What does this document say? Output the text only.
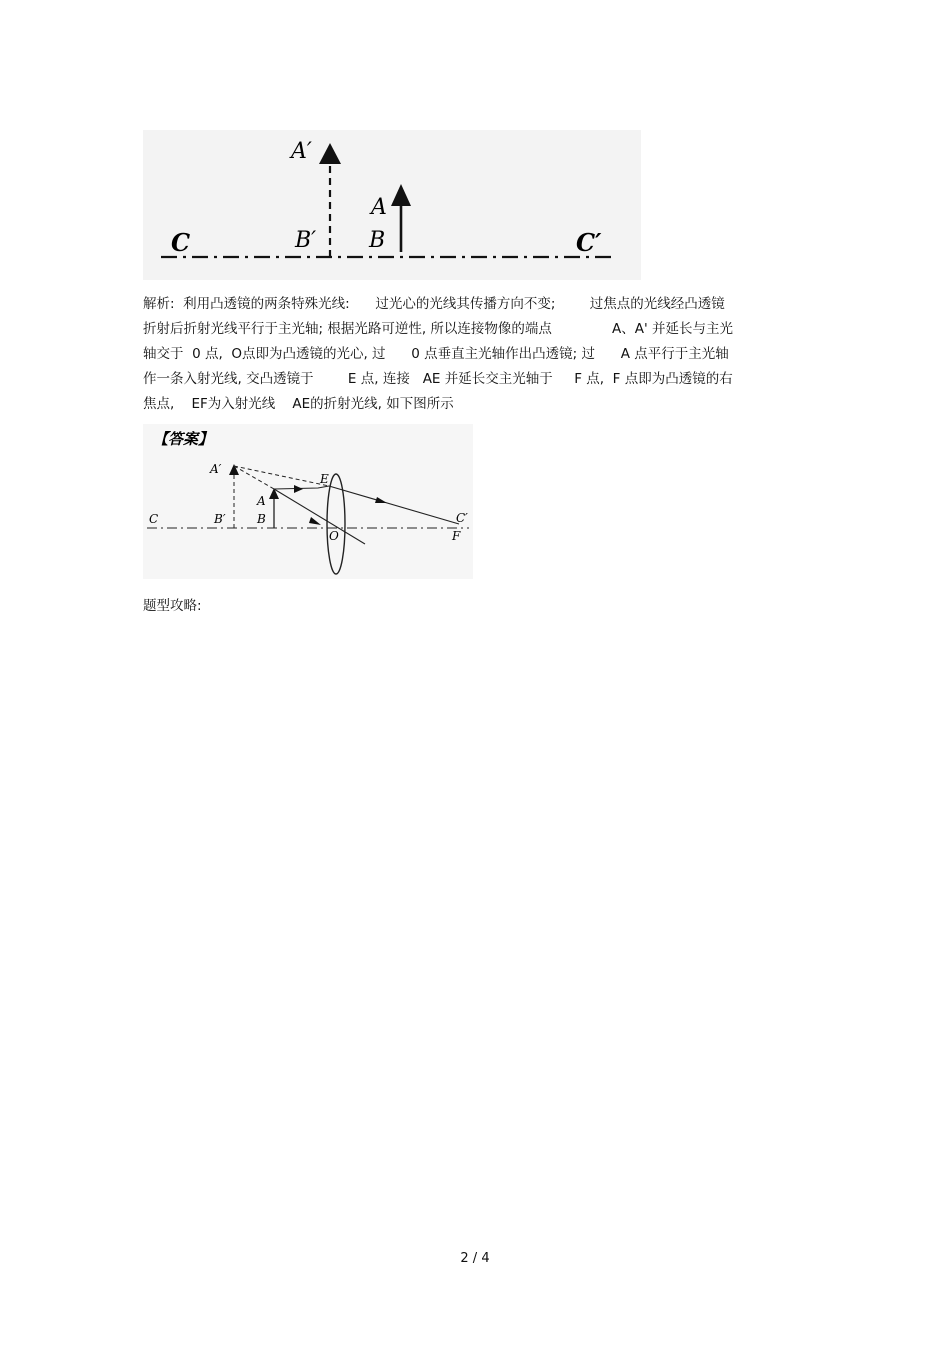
A′
A
B′ B
C	C′
解析:  利用凸透镜的两条特殊光线:      过光心的光线其传播方向不变;        过焦点的光线经凸透镜
折射后折射光线平行于主光轴; 根据光路可逆性, 所以连接物像的端点              A、A' 并延长与主光
轴交于  0 点,  O点即为凸透镜的光心, 过      0 点垂直主光轴作出凸透镜; 过      A 点平行于主光轴
作一条入射光线, 交凸透镜于        E 点, 连接   AE 并延长交主光轴于     F 点,  F 点即为凸透镜的右
焦点,    EF为入射光线    AE的折射光线, 如下图所示
【答案】
A′
E
A
C	B′	B	C′
O	F
题型攻略:
2 / 4
